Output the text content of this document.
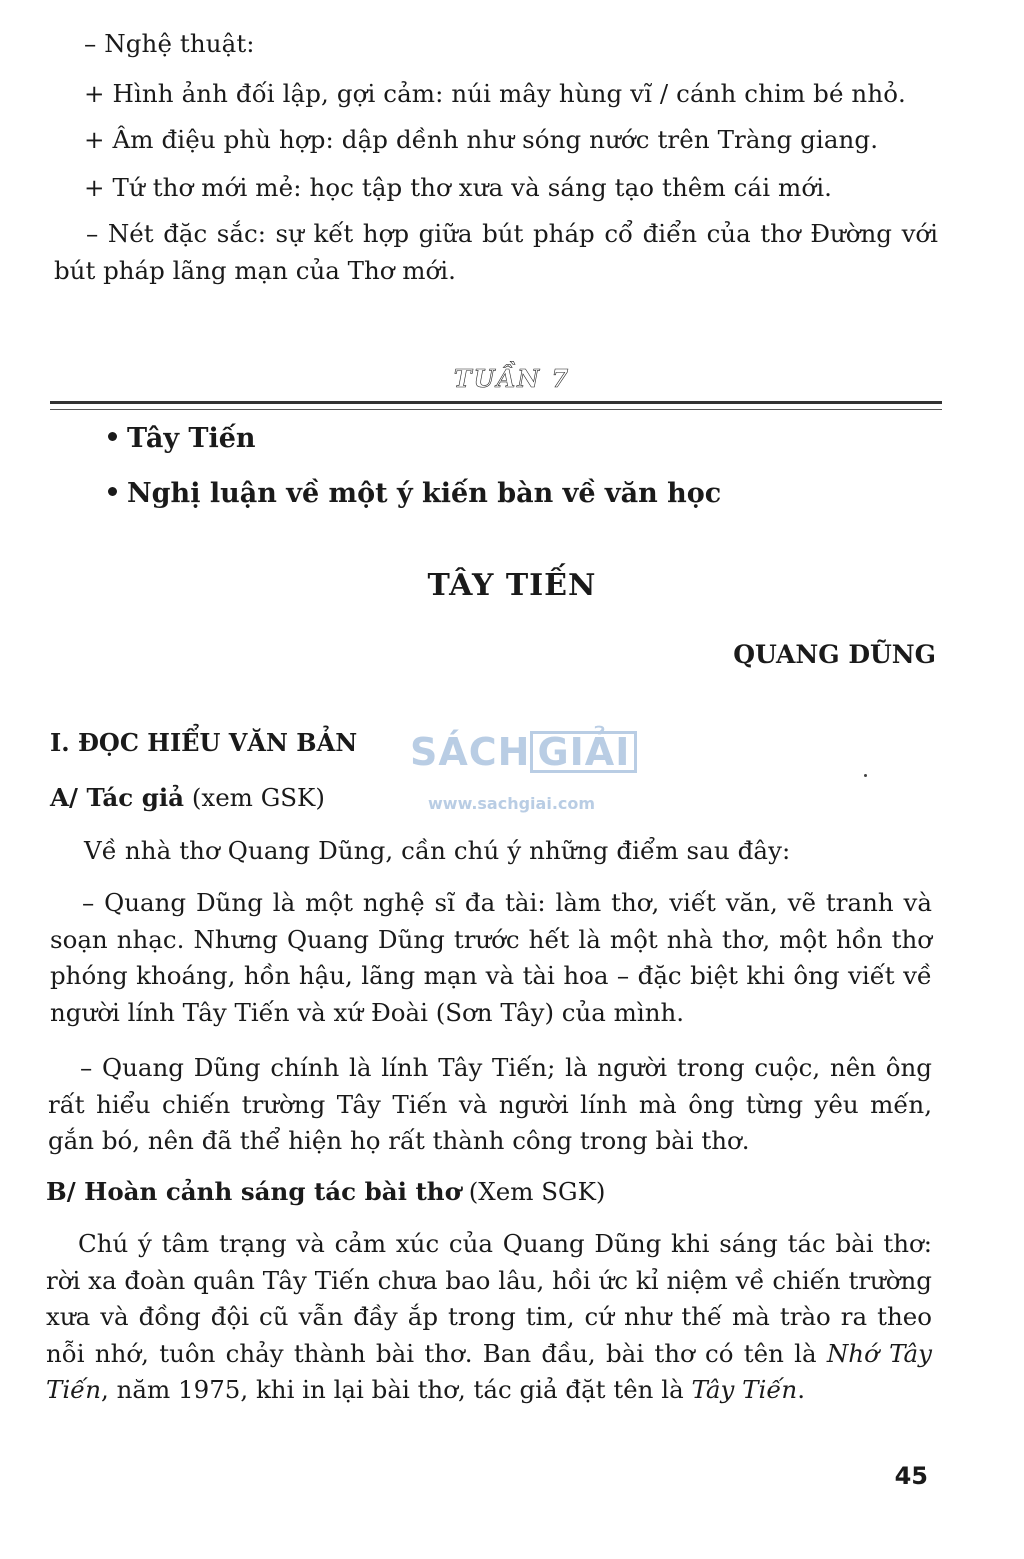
– Nghệ thuật:
+ Hình ảnh đối lập, gợi cảm: núi mây hùng vĩ / cánh chim bé nhỏ.
+ Âm điệu phù hợp: dập dềnh như sóng nước trên Tràng giang.
+ Tứ thơ mới mẻ: học tập thơ xưa và sáng tạo thêm cái mới.
– Nét đặc sắc: sự kết hợp giữa bút pháp cổ điển của thơ Đường với bút pháp lãng mạn của Thơ mới.
TUẦN 7
Tây Tiến
Nghị luận về một ý kiến bàn về văn học
TÂY TIẾN
QUANG DŨNG
I. ĐỌC HIỂU VĂN BẢN SÁCH GIẢI
www.sachgiai.com
A/ Tác giả (xem GSK)
Về nhà thơ Quang Dũng, cần chú ý những điểm sau đây:
– Quang Dũng là một nghệ sĩ đa tài: làm thơ, viết văn, vẽ tranh và soạn nhạc. Nhưng Quang Dũng trước hết là một nhà thơ, một hồn thơ phóng khoáng, hồn hậu, lãng mạn và tài hoa – đặc biệt khi ông viết về người lính Tây Tiến và xứ Đoài (Sơn Tây) của mình.
– Quang Dũng chính là lính Tây Tiến; là người trong cuộc, nên ông rất hiểu chiến trường Tây Tiến và người lính mà ông từng yêu mến, gắn bó, nên đã thể hiện họ rất thành công trong bài thơ.
B/ Hoàn cảnh sáng tác bài thơ (Xem SGK)
Chú ý tâm trạng và cảm xúc của Quang Dũng khi sáng tác bài thơ: rời xa đoàn quân Tây Tiến chưa bao lâu, hồi ức kỉ niệm về chiến trường xưa và đồng đội cũ vẫn đầy ắp trong tim, cứ như thế mà trào ra theo nỗi nhớ, tuôn chảy thành bài thơ. Ban đầu, bài thơ có tên là Nhớ Tây Tiến, năm 1975, khi in lại bài thơ, tác giả đặt tên là Tây Tiến.
45
